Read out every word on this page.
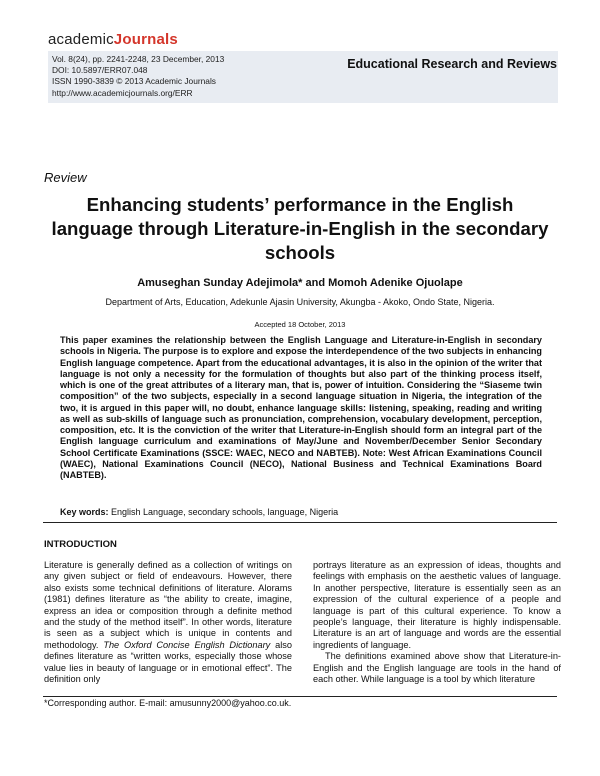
academicJournals
Vol. 8(24), pp. 2241-2248, 23 December, 2013
DOI: 10.5897/ERR07.048
ISSN 1990-3839 © 2013 Academic Journals
http://www.academicjournals.org/ERR
Educational Research and Reviews
Review
Enhancing students’ performance in the English language through Literature-in-English in the secondary schools
Amuseghan Sunday Adejimola* and Momoh Adenike Ojuolape
Department of Arts, Education, Adekunle Ajasin University, Akungba - Akoko, Ondo State, Nigeria.
Accepted 18 October, 2013
This paper examines the relationship between the English Language and Literature-in-English in secondary schools in Nigeria. The purpose is to explore and expose the interdependence of the two subjects in enhancing English language competence. Apart from the educational advantages, it is also in the opinion of the writer that language is not only a necessity for the formulation of thoughts but also part of the thinking process itself, which is one of the great attributes of a literary man, that is, power of intuition. Considering the “Siaseme twin composition” of the two subjects, especially in a second language situation in Nigeria, the integration of the two, it is argued in this paper will, no doubt, enhance language skills: listening, speaking, reading and writing as well as sub-skills of language such as pronunciation, comprehension, vocabulary development, perception, composition, etc. It is the conviction of the writer that Literature-in-English should form an integral part of the English language curriculum and examinations of May/June and November/December Senior Secondary School Certificate Examinations (SSCE: WAEC, NECO and NABTEB). Note: West African Examinations Council (WAEC), National Examinations Council (NECO), National Business and Technical Examinations Board (NABTEB).
Key words: English Language, secondary schools, language, Nigeria
INTRODUCTION

Literature is generally defined as a collection of writings on any given subject or field of endeavours. However, there also exists some technical definitions of literature. Alorams (1981) defines literature as “the ability to create, imagine, express an idea or composition through a definite method and the study of the method itself”. In other words, literature is seen as a subject which is unique in contents and methodology. The Oxford Concise English Dictionary also defines literature as “written works, especially those whose value lies in beauty of language or in emotional effect”. The definition only

portrays literature as an expression of ideas, thoughts and feelings with emphasis on the aesthetic values of language. In another perspective, literature is essentially seen as an expression of the cultural experience of a people and language is part of this cultural experience. To know a people’s language, their literature is highly indispensable. Literature is an art of language and words are the essential ingredients of language.

The definitions examined above show that Literature-in-English and the English language are tools in the hand of each other. While language is a tool by which literature

*Corresponding author. E-mail: amusunny2000@yahoo.co.uk.
